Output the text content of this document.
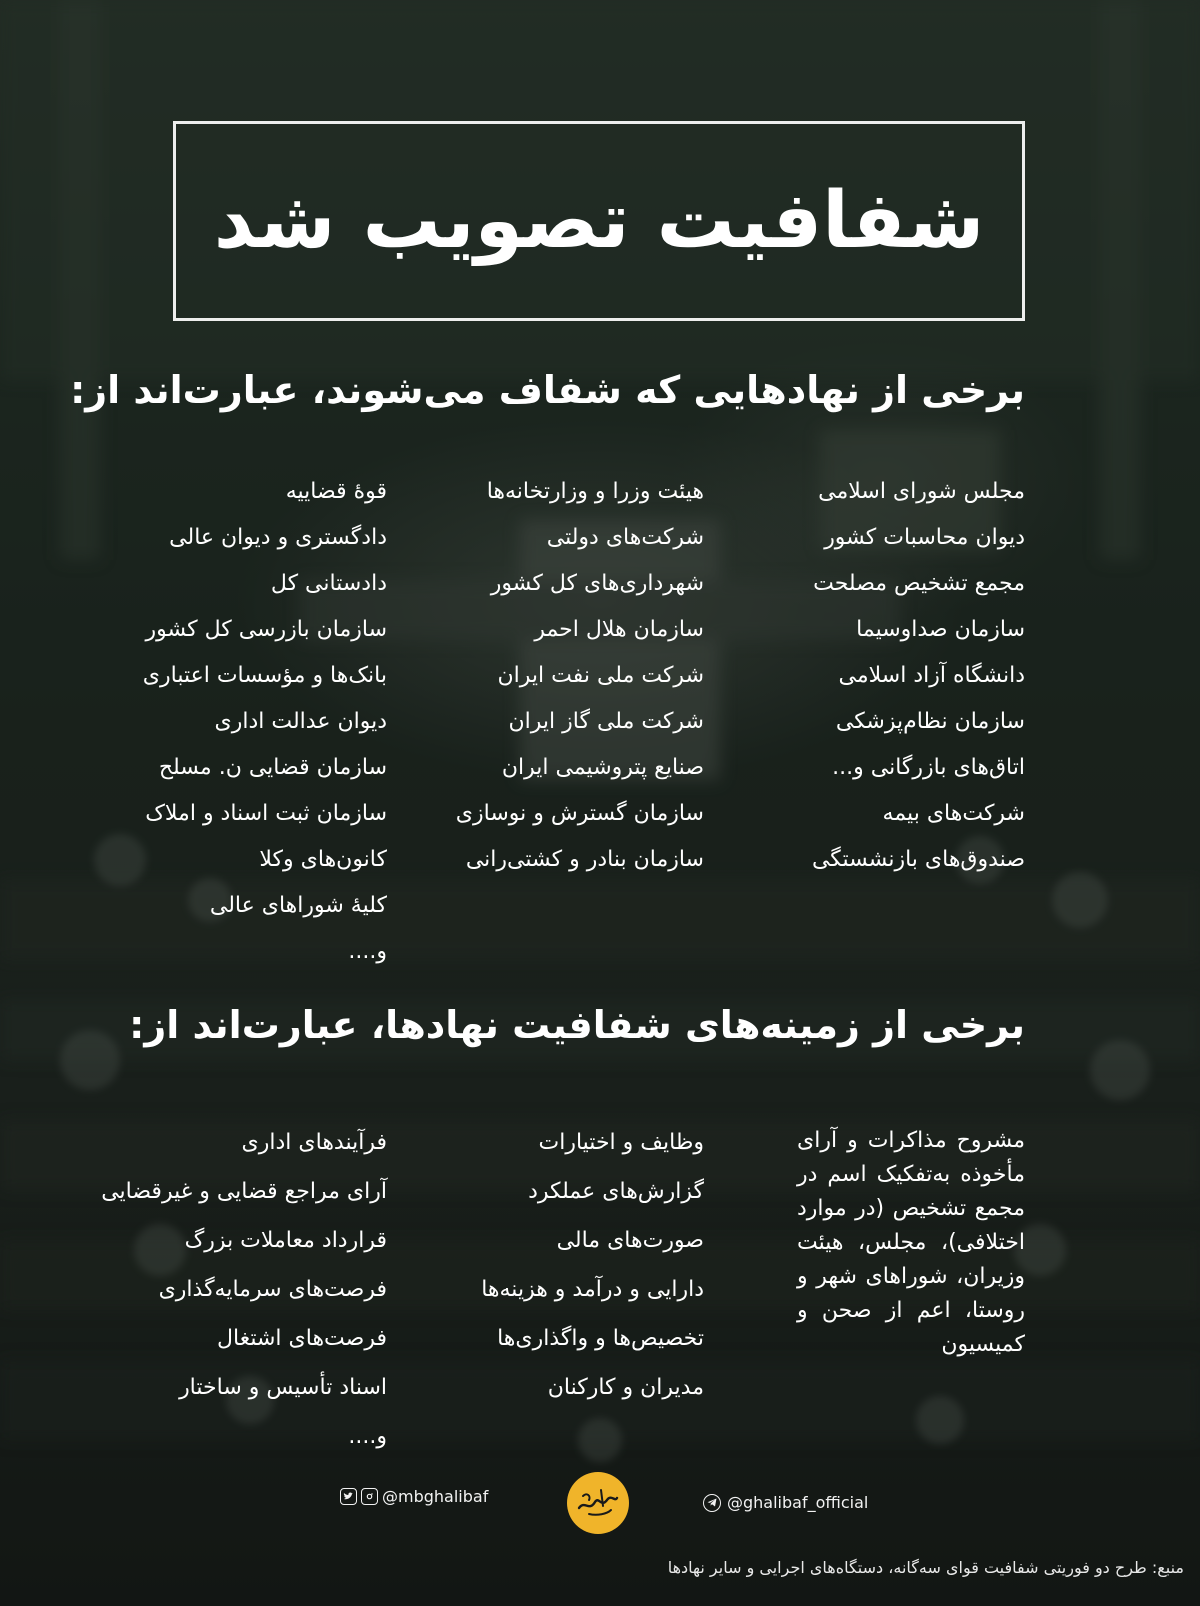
شفافیت تصویب شد
برخی از نهادهایی که شفاف می‌شوند، عبارت‌اند از:
مجلس شورای اسلامی
دیوان محاسبات کشور
مجمع تشخیص مصلحت
سازمان صداوسیما
دانشگاه آزاد اسلامی
سازمان نظام‌پزشکی
اتاق‌های بازرگانی و...
شرکت‌های بیمه
صندوق‌های بازنشستگی
هیئت وزرا و وزارتخانه‌ها
شرکت‌های دولتی
شهرداری‌های کل کشور
سازمان هلال احمر
شرکت ملی نفت ایران
شرکت ملی گاز ایران
صنایع پتروشیمی ایران
سازمان گسترش و نوسازی
سازمان بنادر و کشتی‌رانی
قوۀ قضاییه
دادگستری و دیوان عالی
دادستانی کل
سازمان بازرسی کل کشور
بانک‌ها و مؤسسات اعتباری
دیوان عدالت اداری
سازمان قضایی ن. مسلح
سازمان ثبت اسناد و املاک
کانون‌های وکلا
کلیۀ شوراهای عالی
و....
برخی از زمینه‌های شفافیت نهادها، عبارت‌اند از:
مشروح مذاکرات و آرای مأخوذه به‌تفکیک اسم در مجمع تشخیص (در موارد اختلافی)، مجلس، هیئت وزیران، شوراهای شهر و روستا، اعم از صحن و کمیسیون
وظایف و اختیارات
گزارش‌های عملکرد
صورت‌های مالی
دارایی و درآمد و هزینه‌ها
تخصیص‌ها و واگذاری‌ها
مدیران و کارکنان
فرآیندهای اداری
آرای مراجع قضایی و غیرقضایی
قرارداد معاملات بزرگ
فرصت‌های سرمایه‌گذاری
فرصت‌های اشتغال
اسناد تأسیس و ساختار
و....
@mbghalibaf	@ghalibaf_official
منبع: طرح دو فوریتی شفافیت قوای سه‌گانه، دستگاه‌های اجرایی و سایر نهادها
